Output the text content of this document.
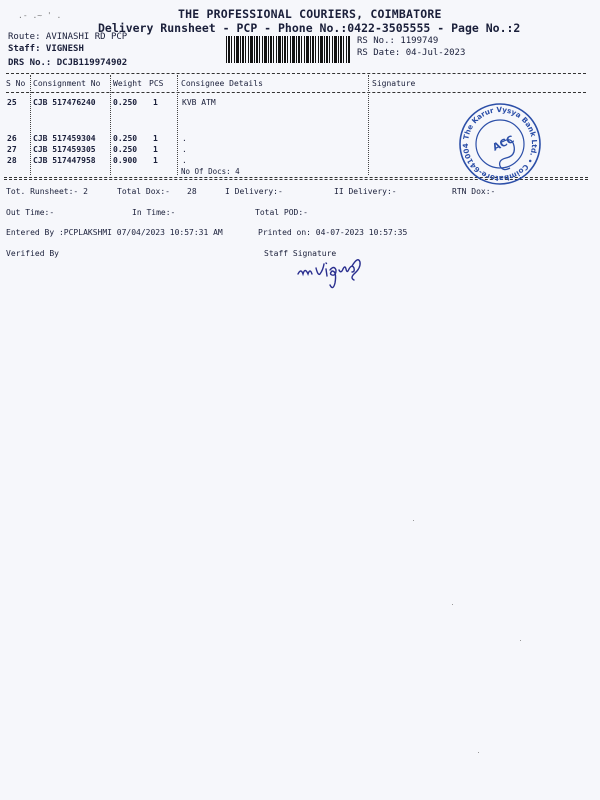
.- .~ ' .	THE PROFESSIONAL COURIERS, COIMBATORE
Delivery Runsheet - PCP - Phone No.:0422-3505555 - Page No.:2
Route: AVINASHI RD PCP
Staff: VIGNESH
DRS No.: DCJB119974902
RS No.: 1199749
RS Date: 04-Jul-2023
S No Consignment No Weight PCS Consignee Details	Signature
25 CJB 517476240 0.250 1	KVB ATM
26 CJB 517459304 0.250 1	.
27 CJB 517459305 0.250 1	.
28 CJB 517447958 0.900 1	.
No Of Docs: 4
The Karur Vysya Bank Ltd. • Coimbatore-641004	ACC
Tot. Runsheet:- 2	Total Dox:- 28	I Delivery:-	II Delivery:-	RTN Dox:-
Out Time:-	In Time:-	Total POD:-
Entered By :PCPLAKSHMI 07/04/2023 10:57:31 AM	Printed on: 04-07-2023 10:57:35
Verified By	Staff Signature
